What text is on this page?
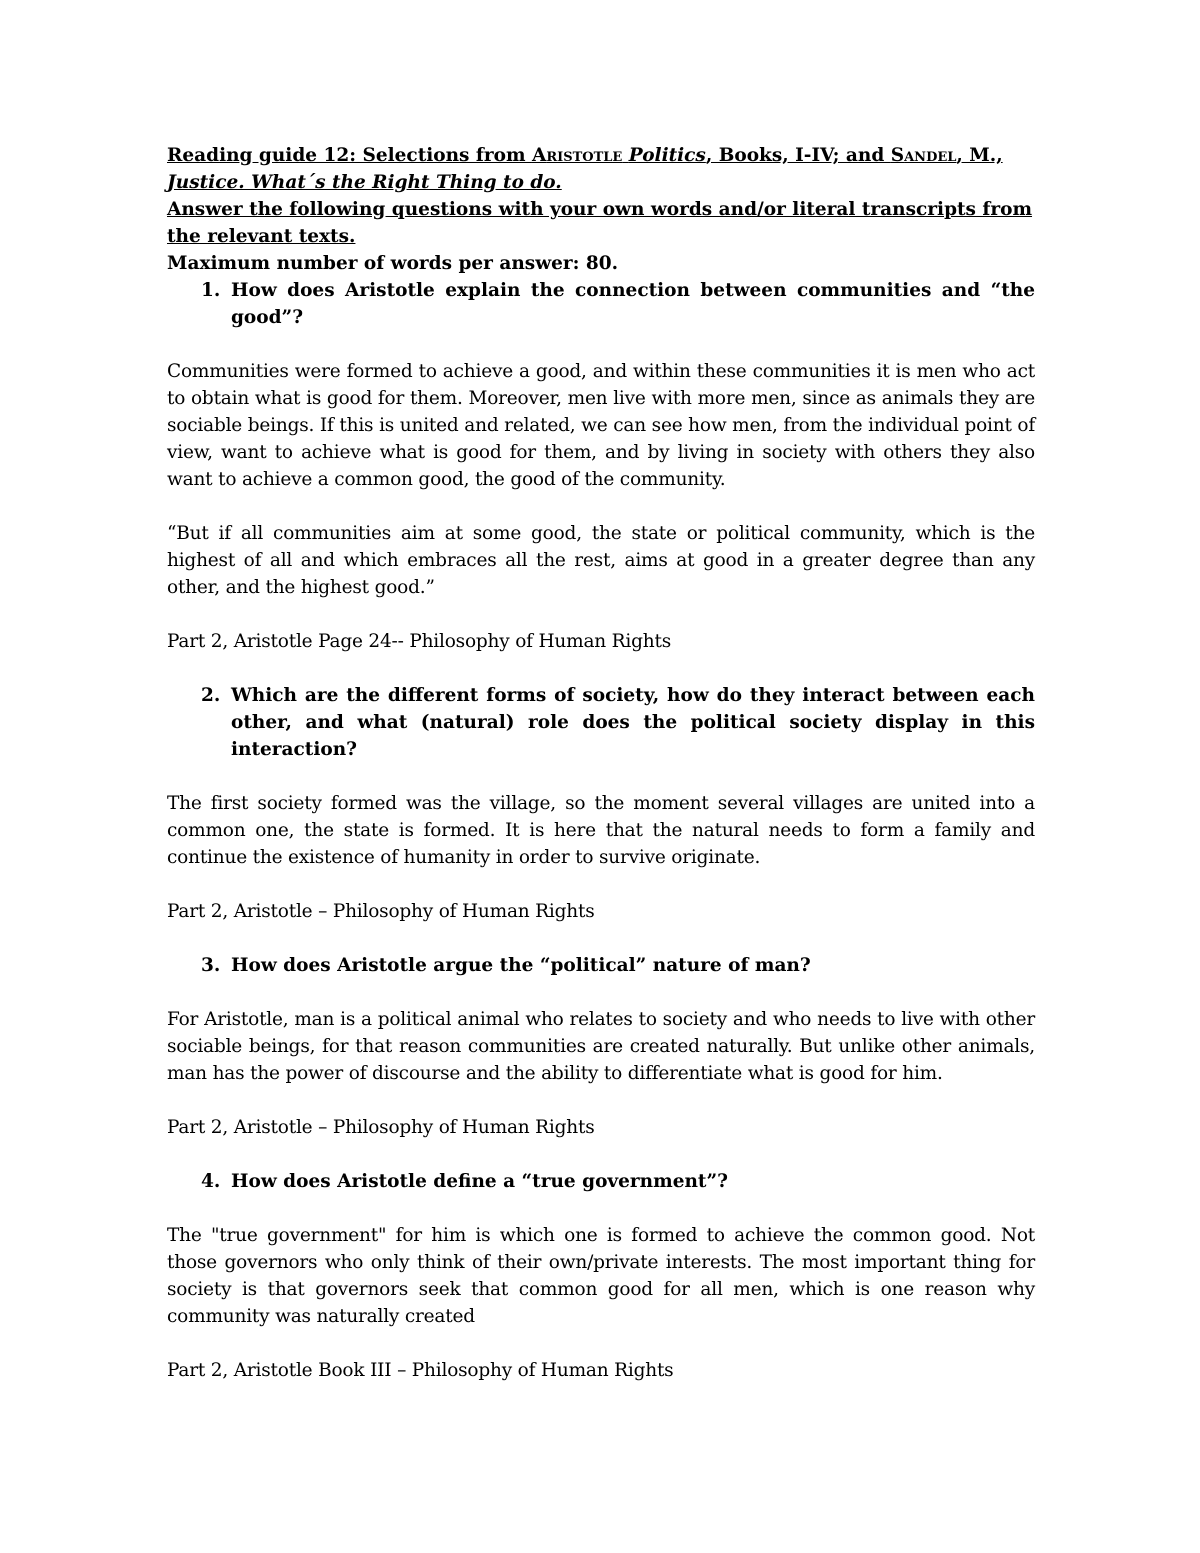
Reading guide 12: Selections from Aristotle Politics, Books, I-IV; and Sandel, M.,

Justice. What´s the Right Thing to do.

Answer the following questions with your own words and/or literal transcripts from the relevant texts.

Maximum number of words per answer: 80.

1. How does Aristotle explain the connection between communities and “the good”?

Communities were formed to achieve a good, and within these communities it is men who act to obtain what is good for them. Moreover, men live with more men, since as animals they are sociable beings. If this is united and related, we can see how men, from the individual point of view, want to achieve what is good for them, and by living in society with others they also want to achieve a common good, the good of the community.

“But if all communities aim at some good, the state or political community, which is the highest of all and which embraces all the rest, aims at good in a greater degree than any other, and the highest good.”

Part 2, Aristotle Page 24-- Philosophy of Human Rights

2. Which are the different forms of society, how do they interact between each other, and what (natural) role does the political society display in this interaction?

The first society formed was the village, so the moment several villages are united into a common one, the state is formed. It is here that the natural needs to form a family and continue the existence of humanity in order to survive originate.

Part 2, Aristotle – Philosophy of Human Rights

3. How does Aristotle argue the “political” nature of man?

For Aristotle, man is a political animal who relates to society and who needs to live with other sociable beings, for that reason communities are created naturally. But unlike other animals, man has the power of discourse and the ability to differentiate what is good for him.

Part 2, Aristotle – Philosophy of Human Rights

4. How does Aristotle define a “true government”?

The "true government" for him is which one is formed to achieve the common good. Not those governors who only think of their own/private interests. The most important thing for society is that governors seek that common good for all men, which is one reason why community was naturally created

Part 2, Aristotle Book III – Philosophy of Human Rights
